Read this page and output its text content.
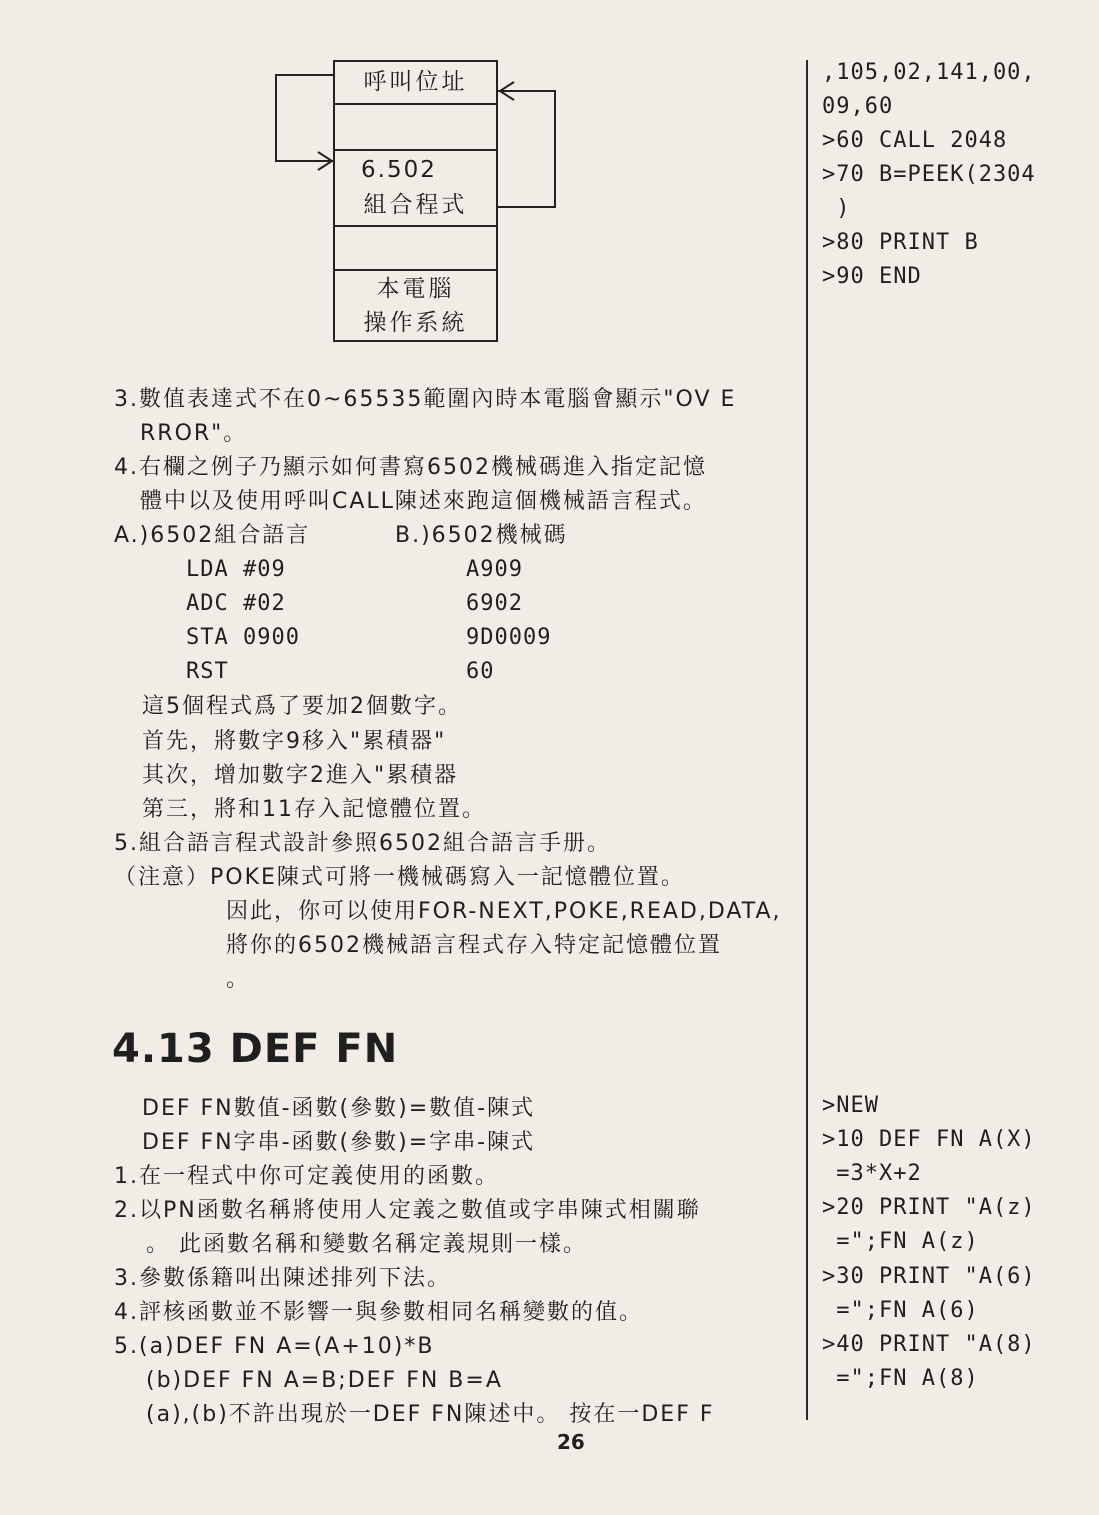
呼叫位址
6.502
組合程式
本電腦
操作系統
3.數值表達式不在0~65535範圍內時本電腦會顯示"OV E
RROR"。
4.右欄之例子乃顯示如何書寫6502機械碼進入指定記憶
體中以及使用呼叫CALL陳述來跑這個機械語言程式。
A.)6502組合語言	B.)6502機械碼
LDA #09	A909
ADC #02	6902
STA 0900	9D0009
RST	60
這5個程式爲了要加2個數字。
首先，將數字9移入"累積器"
其次，增加數字2進入"累積器
第三，將和11存入記憶體位置。
5.組合語言程式設計參照6502組合語言手册。
（注意）POKE陳式可將一機械碼寫入一記憶體位置。
因此，你可以使用FOR-NEXT,POKE,READ,DATA,
將你的6502機械語言程式存入特定記憶體位置
。
4.13 DEF FN
DEF FN數值-函數(參數)=數值-陳式
DEF FN字串-函數(參數)=字串-陳式
1.在一程式中你可定義使用的函數。
2.以PN函數名稱將使用人定義之數值或字串陳式相關聯
。 此函數名稱和變數名稱定義規則一樣。
3.參數係籍叫出陳述排列下法。
4.評核函數並不影響一與參數相同名稱變數的值。
5.(a)DEF FN A=(A+10)*B
(b)DEF FN A=B;DEF FN B=A
(a),(b)不許出現於一DEF FN陳述中。 按在一DEF F
,105,02,141,00,
09,60
>60 CALL 2048
>70 B=PEEK(2304
)
>80 PRINT B
>90 END
>NEW
>10 DEF FN A(X)
=3*X+2
>20 PRINT "A(z)
=";FN A(z)
>30 PRINT "A(6)
=";FN A(6)
>40 PRINT "A(8)
=";FN A(8)
26
